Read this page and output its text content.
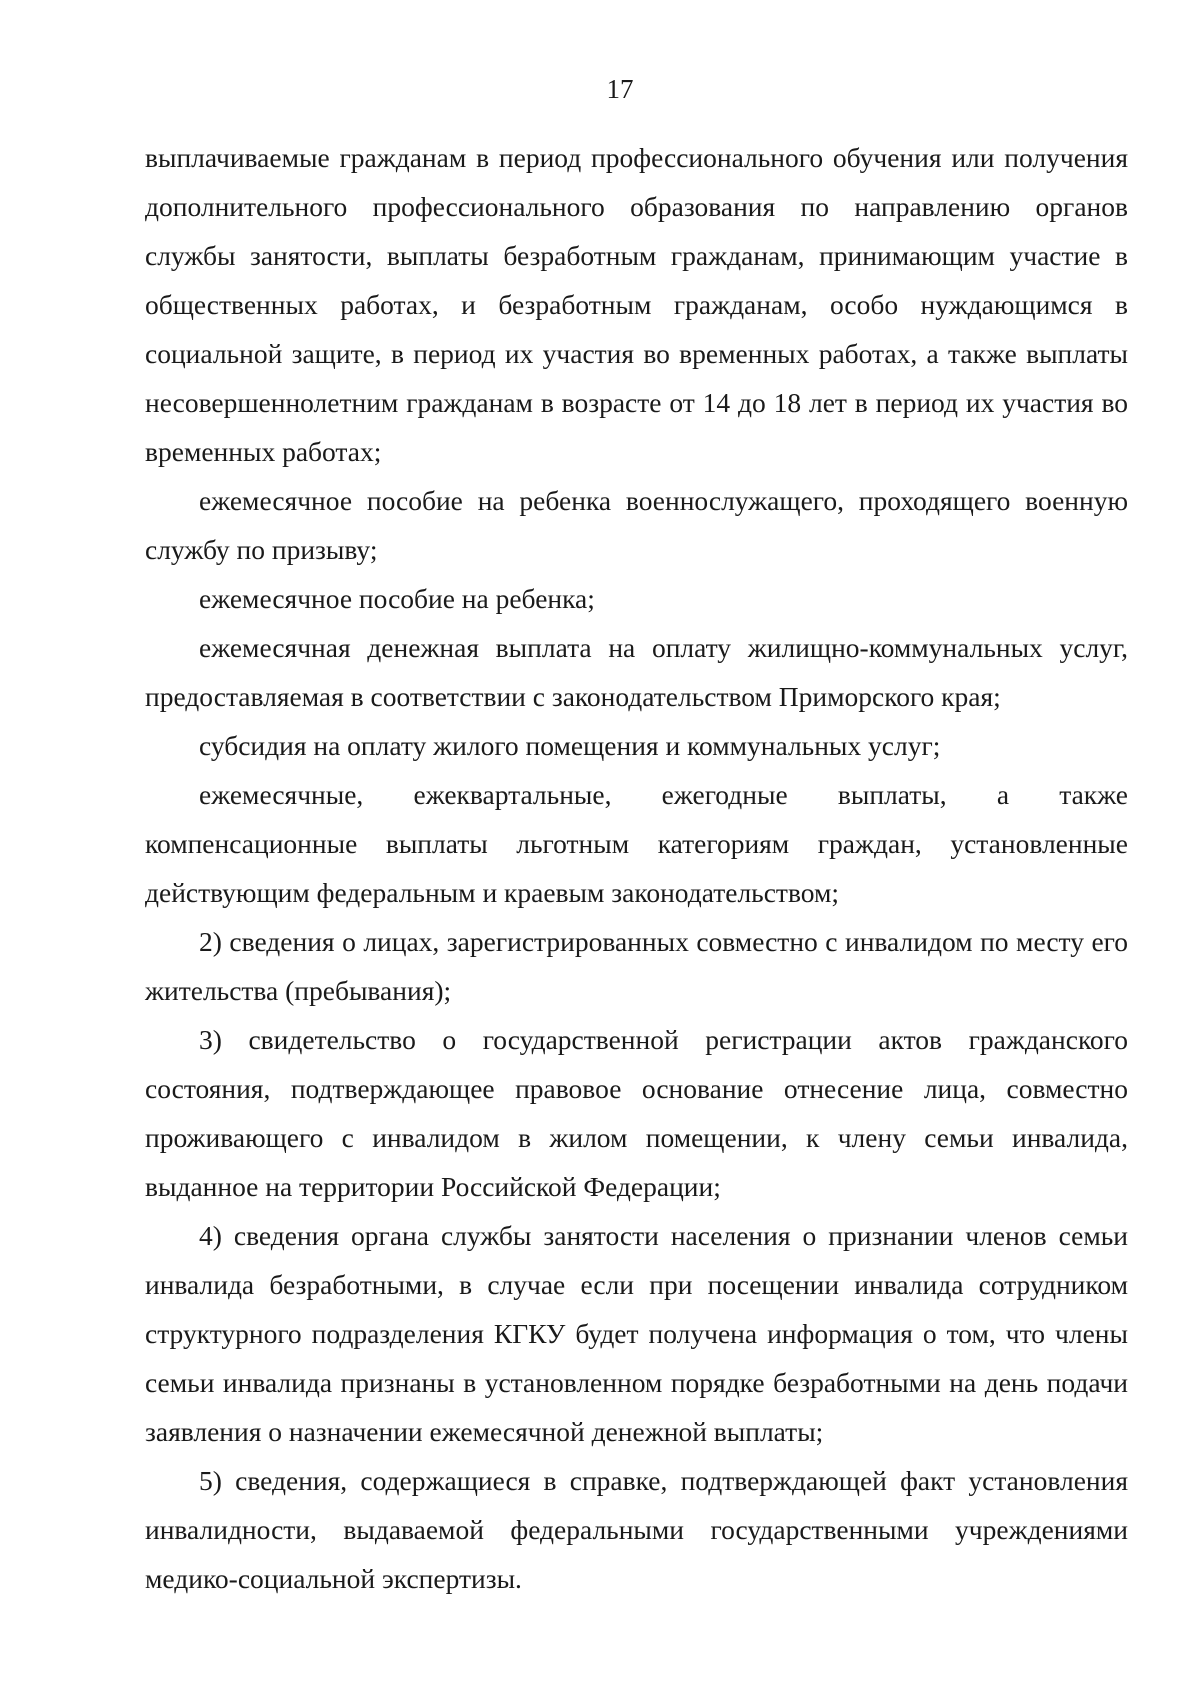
17

выплачиваемые гражданам в период профессионального обучения или получения дополнительного профессионального образования по направлению органов службы занятости, выплаты безработным гражданам, принимающим участие в общественных работах, и безработным гражданам, особо нуждающимся в социальной защите, в период их участия во временных работах, а также выплаты несовершеннолетним гражданам в возрасте от 14 до 18 лет в период их участия во временных работах;

ежемесячное пособие на ребенка военнослужащего, проходящего военную службу по призыву;

ежемесячное пособие на ребенка;

ежемесячная денежная выплата на оплату жилищно-коммунальных услуг, предоставляемая в соответствии с законодательством Приморского края;

субсидия на оплату жилого помещения и коммунальных услуг;

ежемесячные, ежеквартальные, ежегодные выплаты, а также компенсационные выплаты льготным категориям граждан, установленные действующим федеральным и краевым законодательством;

2) сведения о лицах, зарегистрированных совместно с инвалидом по месту его жительства (пребывания);

3) свидетельство о государственной регистрации актов гражданского состояния, подтверждающее правовое основание отнесение лица, совместно проживающего с инвалидом в жилом помещении, к члену семьи инвалида, выданное на территории Российской Федерации;

4) сведения органа службы занятости населения о признании членов семьи инвалида безработными, в случае если при посещении инвалида сотрудником структурного подразделения КГКУ будет получена информация о том, что члены семьи инвалида признаны в установленном порядке безработными на день подачи заявления о назначении ежемесячной денежной выплаты;

5) сведения, содержащиеся в справке, подтверждающей факт установления инвалидности, выдаваемой федеральными государственными учреждениями медико-социальной экспертизы.
